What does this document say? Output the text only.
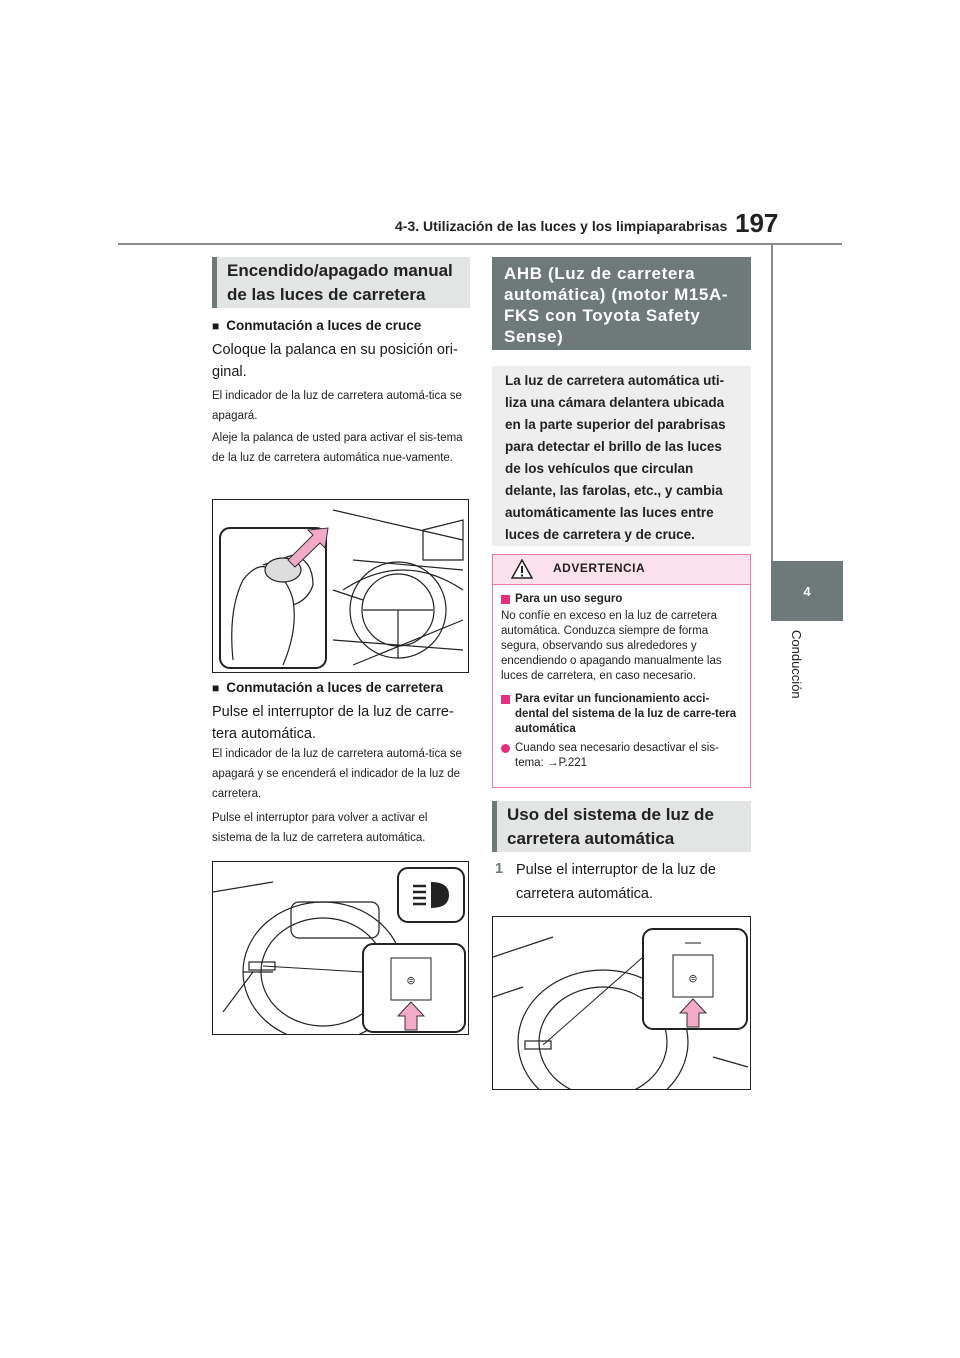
4-3. Utilización de las luces y los limpiaparabrisas 197
4
Conducción
Encendido/apagado manual de las luces de carretera
■ Conmutación a luces de cruce
Coloque la palanca en su posición ori-ginal.
El indicador de la luz de carretera automá-tica se apagará.
Aleje la palanca de usted para activar el sis-tema de la luz de carretera automática nue-vamente.
■ Conmutación a luces de carretera
Pulse el interruptor de la luz de carre-tera automática.
El indicador de la luz de carretera automá-tica se apagará y se encenderá el indicador de la luz de carretera.
Pulse el interruptor para volver a activar el sistema de la luz de carretera automática.
⊜
AHB (Luz de carretera automática) (motor M15A-FKS con Toyota Safety Sense)

La luz de carretera automática uti-liza una cámara delantera ubicada en la parte superior del parabrisas para detectar el brillo de las luces de los vehículos que circulan delante, las farolas, etc., y cambia automáticamente las luces entre luces de carretera y de cruce.

ADVERTENCIA
Para un uso seguro

No confíe en exceso en la luz de carretera automática. Conduzca siempre de forma segura, observando sus alrededores y encendiendo o apagando manualmente las luces de carretera, en caso necesario.

Para evitar un funcionamiento acci-dental del sistema de la luz de carre-tera automática
Cuando sea necesario desactivar el sis-tema: →P.221
Uso del sistema de luz de carretera automática
1 Pulse el interruptor de la luz de carretera automática.
⊜
